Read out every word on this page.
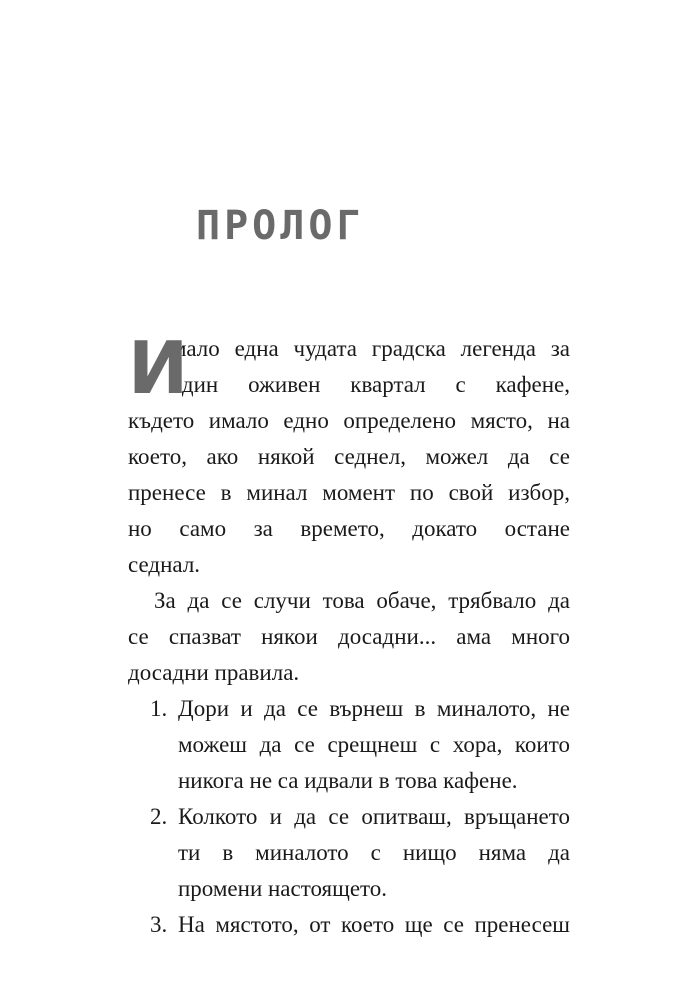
ПРОЛОГ
И
мало една чудата градска легенда за
един оживен квартал с кафене,
където имало едно определено място, на
което, ако някой седнел, можел да се
пренесе в минал момент по свой избор,
но само за времето, докато остане
седнал.
За да се случи това обаче, трябвало да
се спазват някои досадни... ама много
досадни правила.
1. Дори и да се върнеш в миналото, не
можеш да се срещнеш с хора, които
никога не са идвали в това кафене.
2. Колкото и да се опитваш, връщането
ти в миналото с нищо няма да
промени настоящето.
3. На мястото, от което ще се пренесеш
